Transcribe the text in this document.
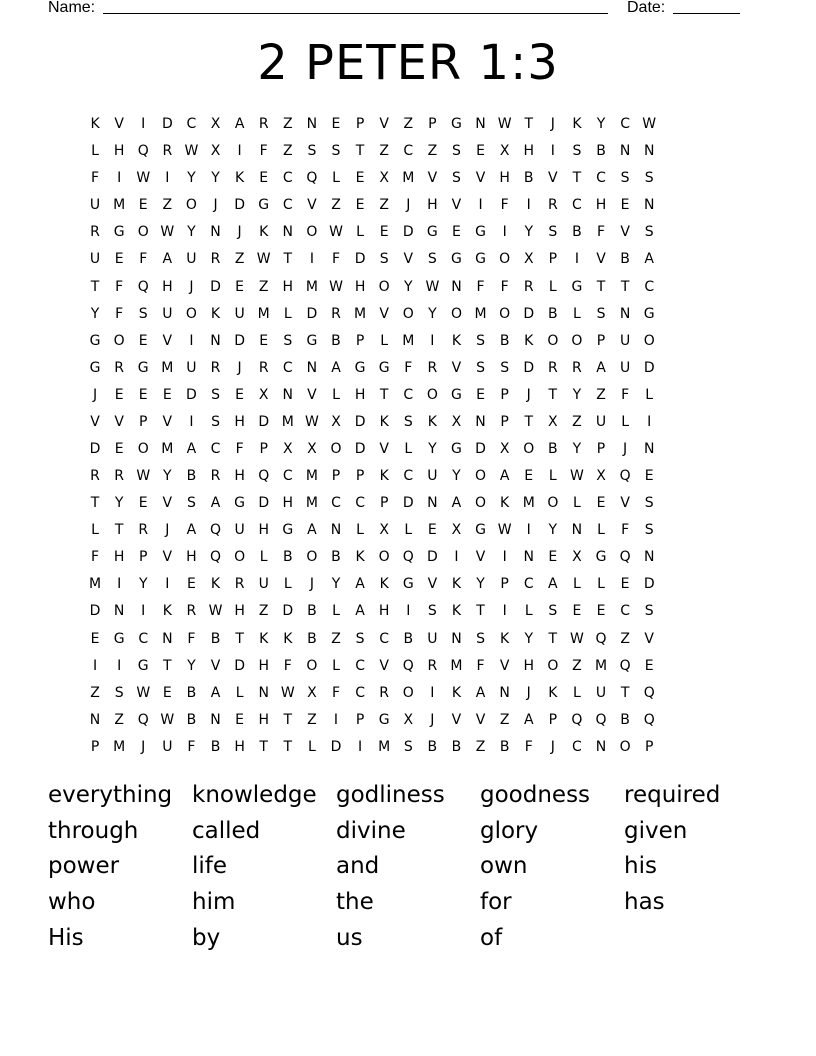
Name:	Date:
2 PETER 1:3
K	V	I	D C	X	A	R	Z	N	E	P	V	Z	P	G N W T	J	K	Y	C W
L	H Q R W X	I	F	Z	S	S	T	Z	C	Z	S	E	X	H	I	S	B	N N
F	I	W	I	Y	Y	K	E	C Q	L	E	X M V	S	V	H	B	V	T	C	S	S
U M E	Z O	J	D G C	V	Z	E	Z	J	H	V	I	F	I	R	C H	E	N
R G O W Y	N	J	K	N O W L	E	D G	E	G	I	Y	S	B	F	V	S
U	E	F	A	U	R	Z W T	I	F	D	S	V	S	G G O X	P	I	V	B	A
T	F	Q H	J	D	E	Z	H M W H O	Y W N	F	F	R	L	G	T	T	C
Y	F	S	U O K	U M	L	D R M V O	Y	O M O D B	L	S	N G
G O	E	V	I	N D	E	S	G B	P	L	M	I	K	S	B	K O O	P	U O
G R G M U	R	J	R	C N	A G G	F	R	V	S	S	D R	R	A	U D
J	E	E	E	D	S	E	X	N	V	L	H	T	C O G	E	P	J	T	Y	Z	F	L
V	V	P	V	I	S	H D M W X D	K	S	K	X	N	P	T	X	Z	U	L	I
D	E	O M A	C	F	P	X	X O D V	L	Y	G D X O B	Y	P	J	N
R	R W Y	B	R H Q C M P	P	K	C	U	Y	O A	E	L W X Q	E
T	Y	E	V	S	A G D H M C	C	P	D N	A O K M O	L	E	V	S
L	T	R	J	A Q U H G A	N	L	X	L	E	X G W	I	Y	N	L	F	S
F	H	P	V	H Q O	L	B O B	K O Q D	I	V	I	N	E	X G Q N
M	I	Y	I	E	K	R	U	L	J	Y	A	K	G V	K	Y	P	C	A	L	L	E	D
D N	I	K	R W H	Z D B	L	A	H	I	S	K	T	I	L	S	E	E	C	S
E	G C N	F	B	T	K	K	B	Z	S	C	B	U N	S	K	Y	T W Q Z	V
I	I	G	T	Y	V D H	F	O	L	C	V Q R M	F	V	H O Z M Q	E
Z	S W E	B	A	L	N W X	F	C	R O	I	K	A	N	J	K	L	U	T	Q
N	Z Q W B	N	E	H	T	Z	I	P	G X	J	V	V	Z	A	P	Q Q B Q
P M	J	U	F	B	H	T	T	L	D	I	M S	B	B	Z	B	F	J	C N O	P
everything knowledge godliness	goodness	required
through	called	divine	glory	given
power	life	and	own	his
who	him	the	for	has
His	by	us	of
